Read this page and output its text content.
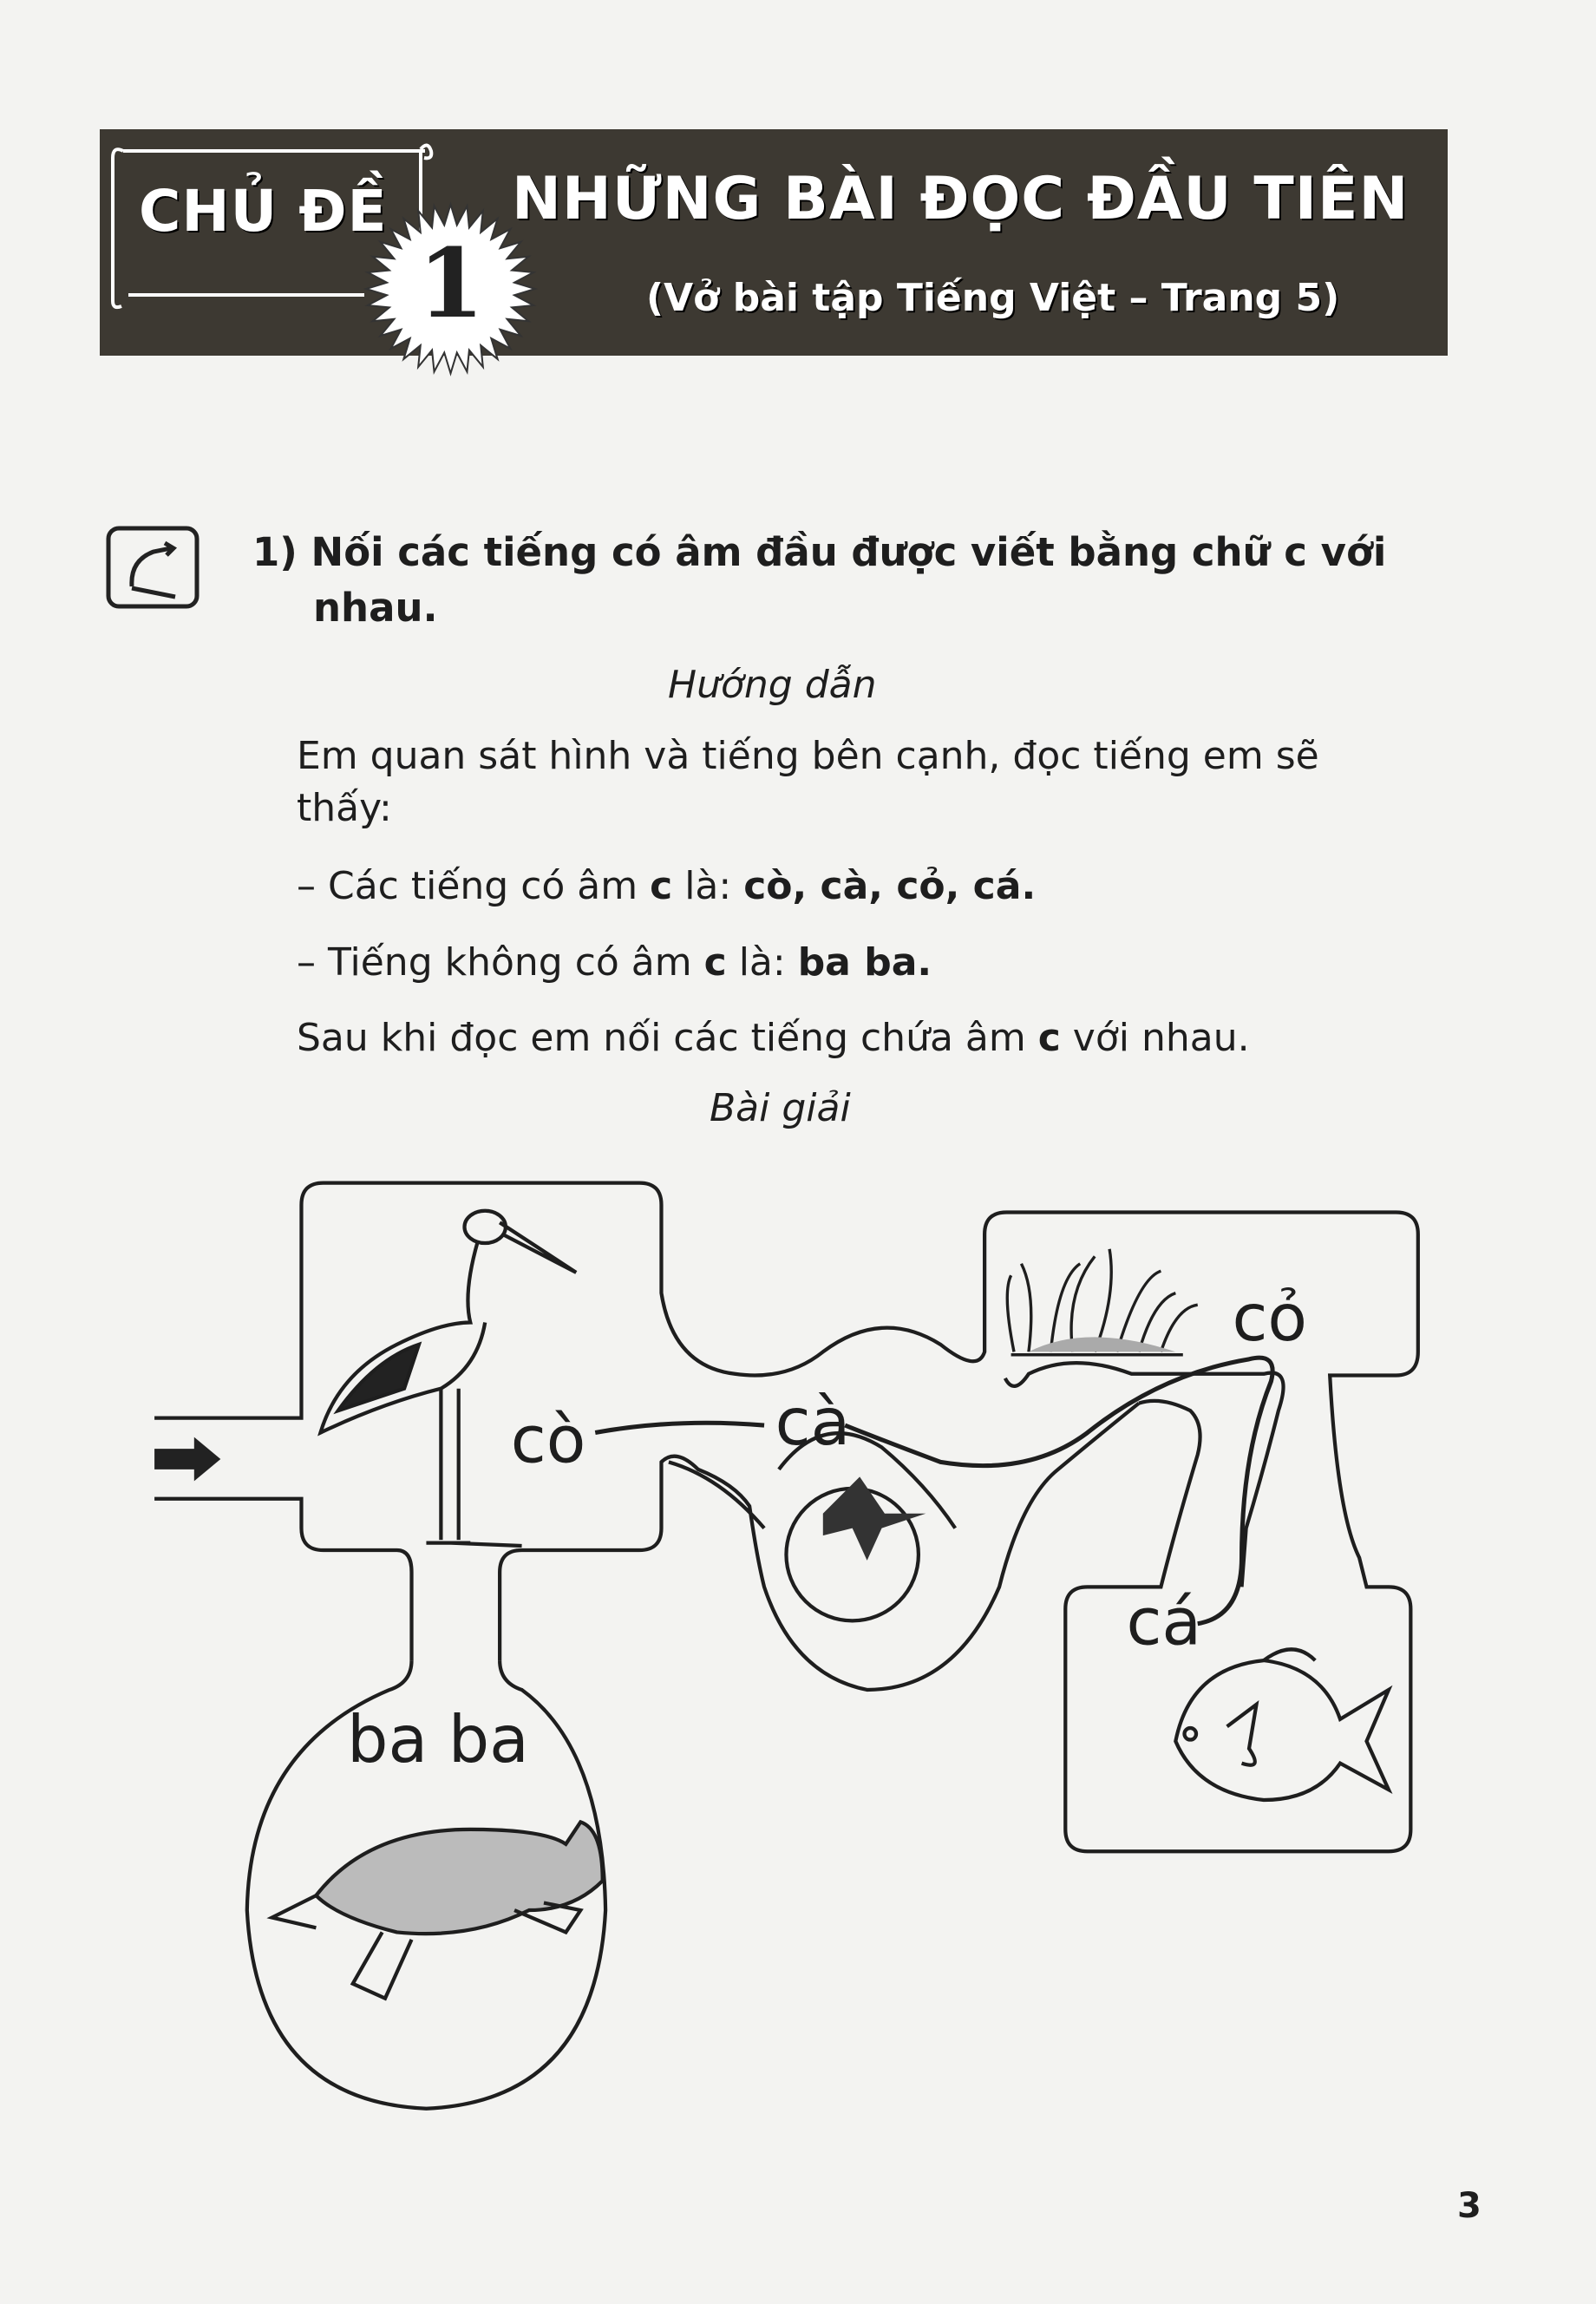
CHỦ ĐỀ
1
NHỮNG BÀI ĐỌC ĐẦU TIÊN
(Vở bài tập Tiếng Việt – Trang 5)
1) Nối các tiếng có âm đầu được viết bằng chữ c với
nhau.
Hướng dẫn
Em quan sát hình và tiếng bên cạnh, đọc tiếng em sẽ
thấy:
– Các tiếng có âm c là: cò, cà, cỏ, cá.
– Tiếng không có âm c là: ba ba.
Sau khi đọc em nối các tiếng chứa âm c với nhau.
Bài giải
cò	cà
cỏ
cá
ba ba
3
